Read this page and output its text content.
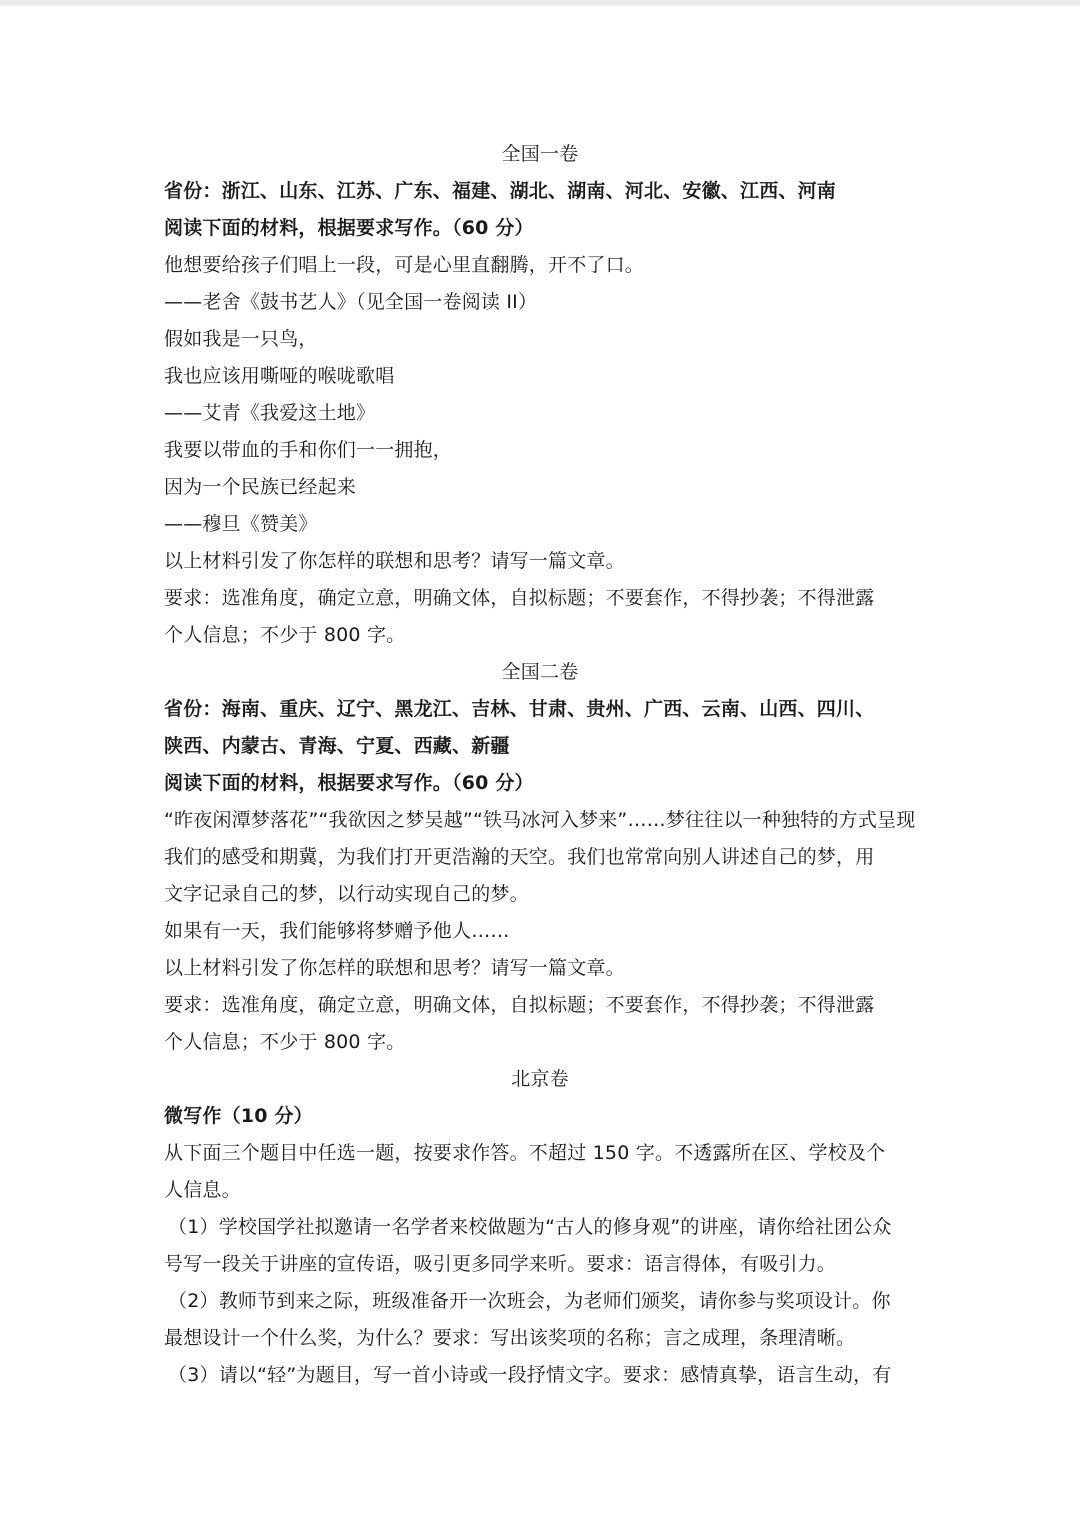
全国一卷
省份：浙江、山东、江苏、广东、福建、湖北、湖南、河北、安徽、江西、河南
阅读下面的材料，根据要求写作。（60 分）
他想要给孩子们唱上一段，可是心里直翻腾，开不了口。
——老舍《鼓书艺人》（见全国一卷阅读 II）
假如我是一只鸟，
我也应该用嘶哑的喉咙歌唱
——艾青《我爱这土地》
我要以带血的手和你们一一拥抱，
因为一个民族已经起来
——穆旦《赞美》
以上材料引发了你怎样的联想和思考？请写一篇文章。
要求：选准角度，确定立意，明确文体，自拟标题；不要套作，不得抄袭；不得泄露
个人信息；不少于 800 字。
全国二卷
省份：海南、重庆、辽宁、黑龙江、吉林、甘肃、贵州、广西、云南、山西、四川、
陕西、内蒙古、青海、宁夏、西藏、新疆
阅读下面的材料，根据要求写作。（60 分）
“昨夜闲潭梦落花”“我欲因之梦吴越”“铁马冰河入梦来”……梦往往以一种独特的方式呈现
我们的感受和期冀，为我们打开更浩瀚的天空。我们也常常向别人讲述自己的梦，用
文字记录自己的梦，以行动实现自己的梦。
如果有一天，我们能够将梦赠予他人……
以上材料引发了你怎样的联想和思考？请写一篇文章。
要求：选准角度，确定立意，明确文体，自拟标题；不要套作，不得抄袭；不得泄露
个人信息；不少于 800 字。
北京卷
微写作（10 分）
从下面三个题目中任选一题，按要求作答。不超过 150 字。不透露所在区、学校及个
人信息。
（1）学校国学社拟邀请一名学者来校做题为“古人的修身观”的讲座，请你给社团公众
号写一段关于讲座的宣传语，吸引更多同学来听。要求：语言得体，有吸引力。
（2）教师节到来之际，班级准备开一次班会，为老师们颁奖，请你参与奖项设计。你
最想设计一个什么奖，为什么？要求：写出该奖项的名称；言之成理，条理清晰。
（3）请以“轻”为题目，写一首小诗或一段抒情文字。要求：感情真挚，语言生动，有
